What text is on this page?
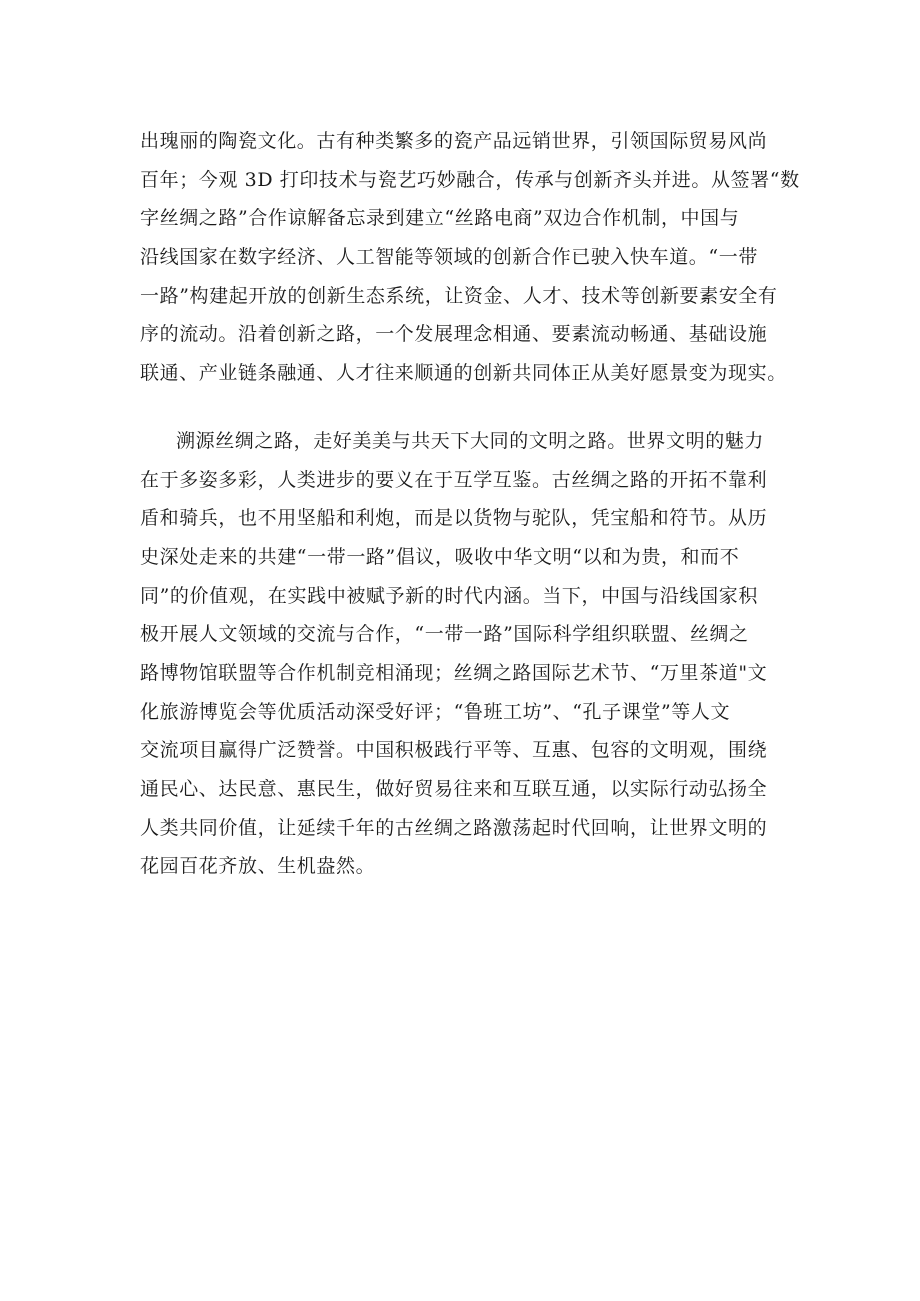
出瑰丽的陶瓷文化。古有种类繁多的瓷产品远销世界，引领国际贸易风尚
百年；今观 3D 打印技术与瓷艺巧妙融合，传承与创新齐头并进。从签署“数
字丝绸之路”合作谅解备忘录到建立“丝路电商”双边合作机制，中国与
沿线国家在数字经济、人工智能等领域的创新合作已驶入快车道。“一带
一路”构建起开放的创新生态系统，让资金、人才、技术等创新要素安全有
序的流动。沿着创新之路，一个发展理念相通、要素流动畅通、基础设施
联通、产业链条融通、人才往来顺通的创新共同体正从美好愿景变为现实。
溯源丝绸之路，走好美美与共天下大同的文明之路。世界文明的魅力
在于多姿多彩，人类进步的要义在于互学互鉴。古丝绸之路的开拓不靠利
盾和骑兵，也不用坚船和利炮，而是以货物与驼队，凭宝船和符节。从历
史深处走来的共建“一带一路”倡议，吸收中华文明“以和为贵，和而不
同”的价值观，在实践中被赋予新的时代内涵。当下，中国与沿线国家积
极开展人文领域的交流与合作，“一带一路”国际科学组织联盟、丝绸之
路博物馆联盟等合作机制竞相涌现；丝绸之路国际艺术节、“万里茶道"文
化旅游博览会等优质活动深受好评；“鲁班工坊”、“孔子课堂”等人文
交流项目赢得广泛赞誉。中国积极践行平等、互惠、包容的文明观，围绕
通民心、达民意、惠民生，做好贸易往来和互联互通，以实际行动弘扬全
人类共同价值，让延续千年的古丝绸之路激荡起时代回响，让世界文明的
花园百花齐放、生机盎然。
